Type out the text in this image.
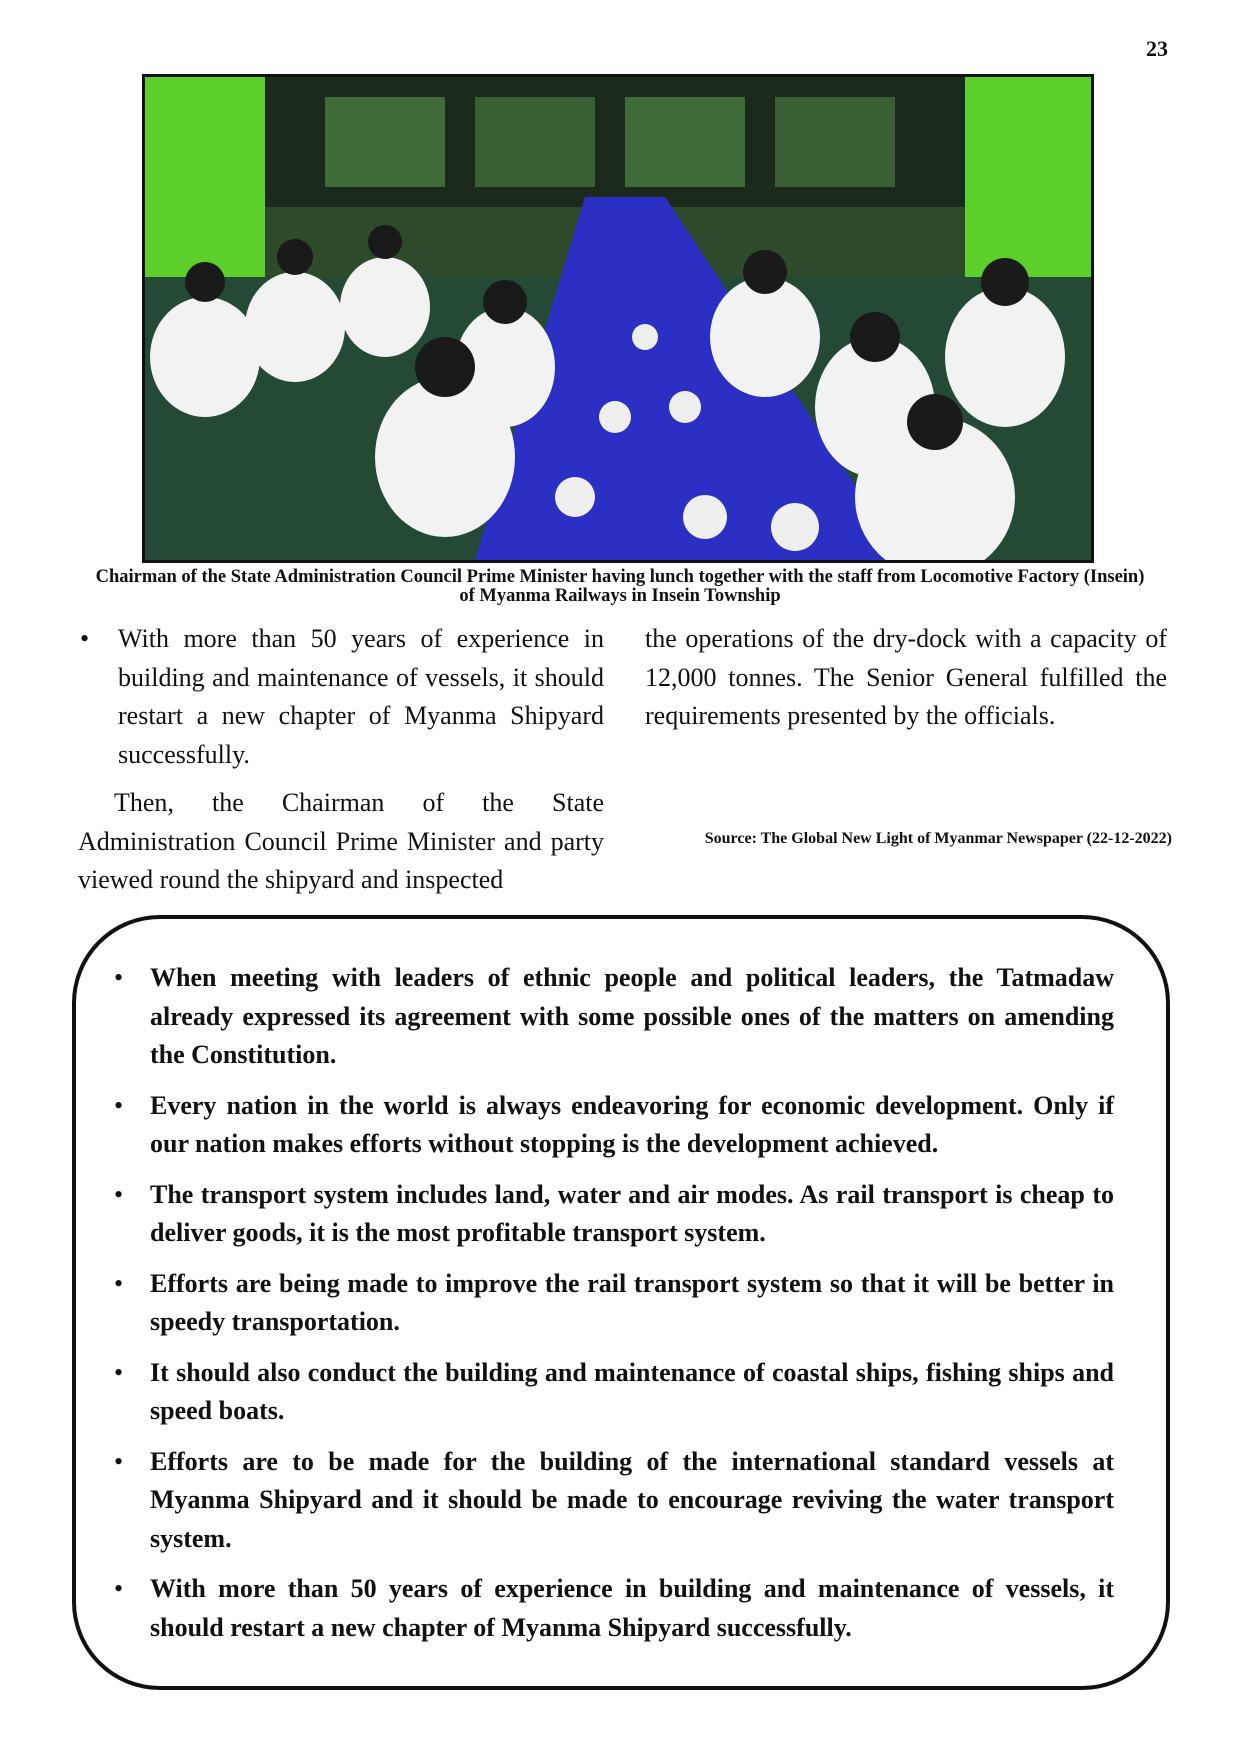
23
Chairman of the State Administration Council Prime Minister having lunch together with the staff from Locomotive Factory (Insein) of Myanma Railways in Insein Township

• With more than 50 years of experience in building and maintenance of vessels, it should restart a new chapter of Myanma Shipyard successfully.

Then, the Chairman of the State Administration Council Prime Minister and party viewed round the shipyard and inspected

the operations of the dry-dock with a capacity of 12,000 tonnes. The Senior General fulfilled the requirements presented by the officials.

Source: The Global New Light of Myanmar Newspaper (22-12-2022)
• When meeting with leaders of ethnic people and political leaders, the Tatmadaw already expressed its agreement with some possible ones of the matters on amending the Constitution.
• Every nation in the world is always endeavoring for economic development. Only if our nation makes efforts without stopping is the development achieved.
• The transport system includes land, water and air modes. As rail transport is cheap to deliver goods, it is the most profitable transport system.
• Efforts are being made to improve the rail transport system so that it will be better in speedy transportation.
• It should also conduct the building and maintenance of coastal ships, fishing ships and speed boats.
• Efforts are to be made for the building of the international standard vessels at Myanma Shipyard and it should be made to encourage reviving the water transport system.
• With more than 50 years of experience in building and maintenance of vessels, it should restart a new chapter of Myanma Shipyard successfully.
